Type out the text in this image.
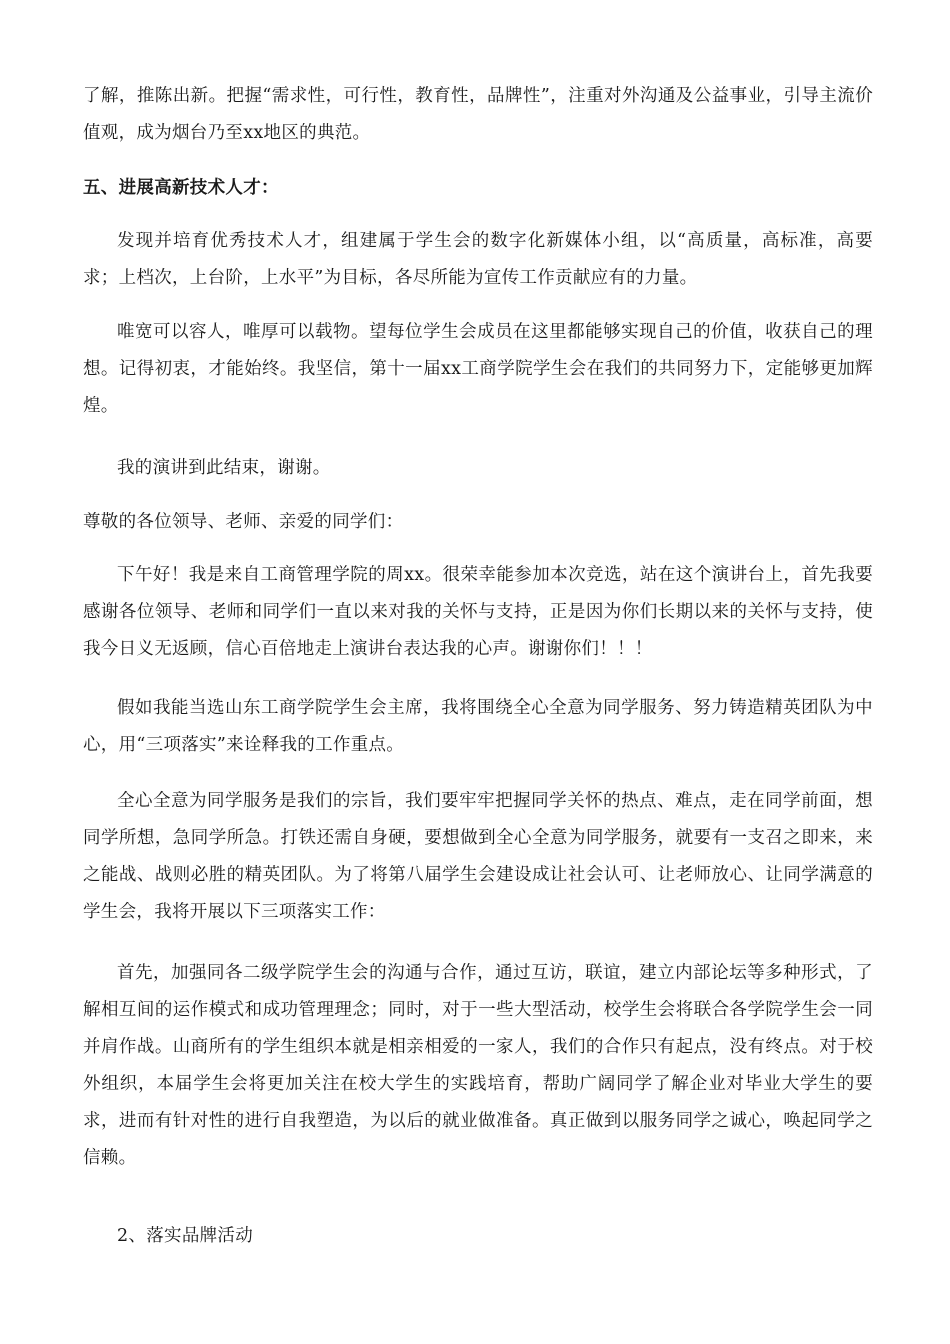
了解，推陈出新。把握“需求性，可行性，教育性，品牌性”，注重对外沟通及公益事业，引导主流价值观，成为烟台乃至xx地区的典范。

五、进展高新技术人才：

发现并培育优秀技术人才，组建属于学生会的数字化新媒体小组，以“高质量，高标准，高要求；上档次，上台阶，上水平”为目标，各尽所能为宣传工作贡献应有的力量。

唯宽可以容人，唯厚可以载物。望每位学生会成员在这里都能够实现自己的价值，收获自己的理想。记得初衷，才能始终。我坚信，第十一届xx工商学院学生会在我们的共同努力下，定能够更加辉煌。

我的演讲到此结束，谢谢。

尊敬的各位领导、老师、亲爱的同学们：

下午好！我是来自工商管理学院的周xx。很荣幸能参加本次竞选，站在这个演讲台上，首先我要感谢各位领导、老师和同学们一直以来对我的关怀与支持，正是因为你们长期以来的关怀与支持，使我今日义无返顾，信心百倍地走上演讲台表达我的心声。谢谢你们！！！

假如我能当选山东工商学院学生会主席，我将围绕全心全意为同学服务、努力铸造精英团队为中心，用“三项落实”来诠释我的工作重点。

全心全意为同学服务是我们的宗旨，我们要牢牢把握同学关怀的热点、难点，走在同学前面，想同学所想，急同学所急。打铁还需自身硬，要想做到全心全意为同学服务，就要有一支召之即来，来之能战、战则必胜的精英团队。为了将第八届学生会建设成让社会认可、让老师放心、让同学满意的学生会，我将开展以下三项落实工作：

首先，加强同各二级学院学生会的沟通与合作，通过互访，联谊，建立内部论坛等多种形式，了解相互间的运作模式和成功管理理念；同时，对于一些大型活动，校学生会将联合各学院学生会一同并肩作战。山商所有的学生组织本就是相亲相爱的一家人，我们的合作只有起点，没有终点。对于校外组织，本届学生会将更加关注在校大学生的实践培育，帮助广阔同学了解企业对毕业大学生的要求，进而有针对性的进行自我塑造，为以后的就业做准备。真正做到以服务同学之诚心，唤起同学之信赖。

2、落实品牌活动
